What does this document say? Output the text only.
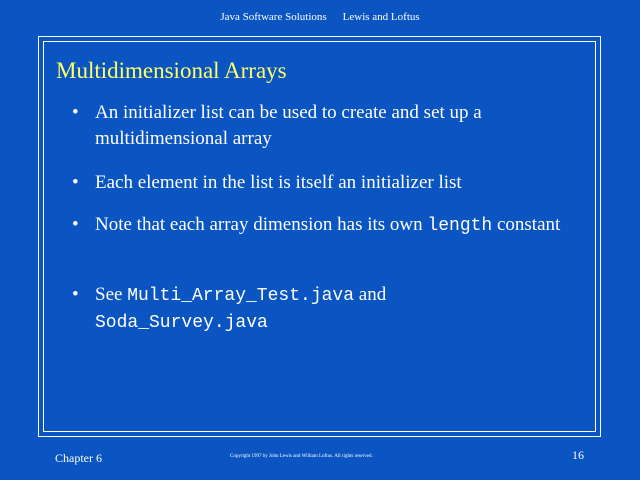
Java Software Solutions Lewis and Loftus
Multidimensional Arrays
• An initializer list can be used to create and set up a multidimensional array
• Each element in the list is itself an initializer list
• Note that each array dimension has its own length constant
• See Multi_Array_Test.java and
Soda_Survey.java
Chapter 6	Copyright 1997 by John Lewis and William Loftus. All rights reserved.	16
